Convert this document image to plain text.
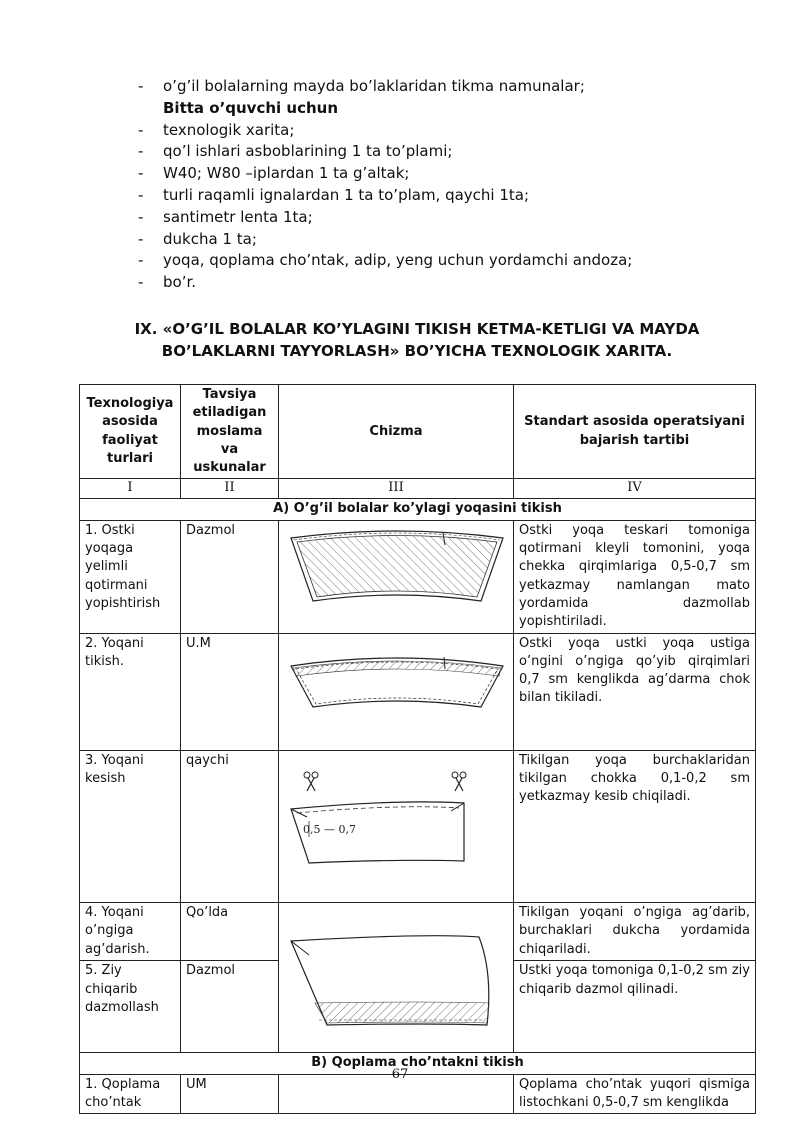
-	o’g’il bolalarning mayda bo’laklaridan tikma namunalar;
Bitta o’quvchi uchun
-	texnologik xarita;
-	qo’l ishlari asboblarining 1 ta to’plami;
-	W40; W80 –iplardan 1 ta g’altak;
-	turli raqamli ignalardan 1 ta to’plam, qaychi 1ta;
-	santimetr lenta 1ta;
-	dukcha 1 ta;
-	yoqa, qoplama cho’ntak, adip, yeng uchun yordamchi andoza;
-	bo’r.
IX. «O’G’IL BOLALAR KO’YLAGINI TIKISH KETMA-KETLIGI VA MAYDA
BO’LAKLARNI TAYYORLASH» BO’YICHA TEXNOLOGIK XARITA.
Texnologiya asosida faoliyat turlari	Tavsiya etiladigan moslama va uskunalar	Chizma	Standart asosida operatsiyani bajarish tartibi
I	II	III	IV
A) O’g’il bolalar ko’ylagi yoqasini tikish			
1. Ostki yoqaga yelimli qotirmani yopishtirish	Dazmol		Ostki yoqa teskari tomoniga qotirmani kleyli tomonini, yoqa chekka qirqimlariga 0,5-0,7 sm yetkazmay namlangan mato yordamida dazmollab yopishtiriladi.
2. Yoqani tikish.	U.M		Ostki yoqa ustki yoqa ustiga o’ngini o’ngiga qo’yib qirqimlari 0,7 sm kenglikda ag’darma chok bilan tikiladi.
3. Yoqani kesish	qaychi	0,5 — 0,7	Tikilgan yoqa burchaklaridan tikilgan chokka 0,1-0,2 sm yetkazmay kesib chiqiladi.
4. Yoqani o’ngiga ag’darish.	Qo’lda		Tikilgan yoqani o’ngiga ag’darib, burchaklari dukcha yordamida chiqariladi.
5. Ziy chiqarib dazmollash	Dazmol		Ustki yoqa tomoniga 0,1-0,2 sm ziy chiqarib dazmol qilinadi.
B) Qoplama cho’ntakni tikish			
1. Qoplama cho’ntak	UM		Qoplama cho’ntak yuqori qismiga listochkani 0,5-0,7 sm kenglikda
67
